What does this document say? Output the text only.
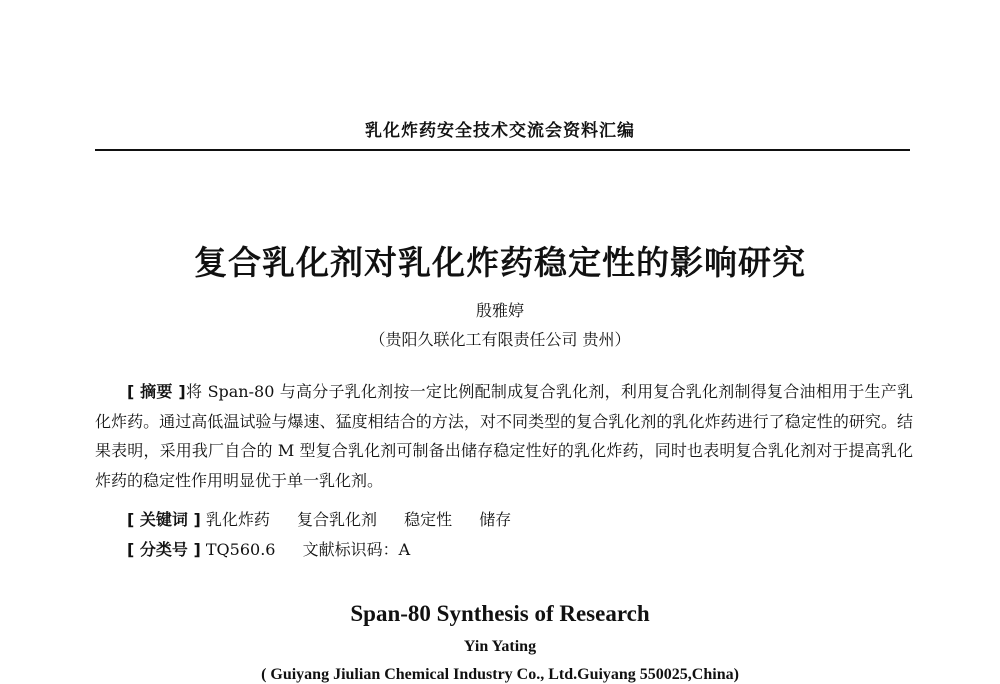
乳化炸药安全技术交流会资料汇编
复合乳化剂对乳化炸药稳定性的影响研究
殷雅婷
（贵阳久联化工有限责任公司 贵州）
[ 摘要 ]将 Span-80 与高分子乳化剂按一定比例配制成复合乳化剂，利用复合乳化剂制得复合油相用于生产乳化炸药。通过高低温试验与爆速、猛度相结合的方法，对不同类型的复合乳化剂的乳化炸药进行了稳定性的研究。结果表明，采用我厂自合的 M 型复合乳化剂可制备出储存稳定性好的乳化炸药，同时也表明复合乳化剂对于提高乳化炸药的稳定性作用明显优于单一乳化剂。
[ 关键词 ] 乳化炸药 复合乳化剂 稳定性 储存
[ 分类号 ] TQ560.6 文献标识码：A
Span-80 Synthesis of Research
Yin Yating
( Guiyang Jiulian Chemical Industry Co., Ltd.Guiyang 550025,China)
